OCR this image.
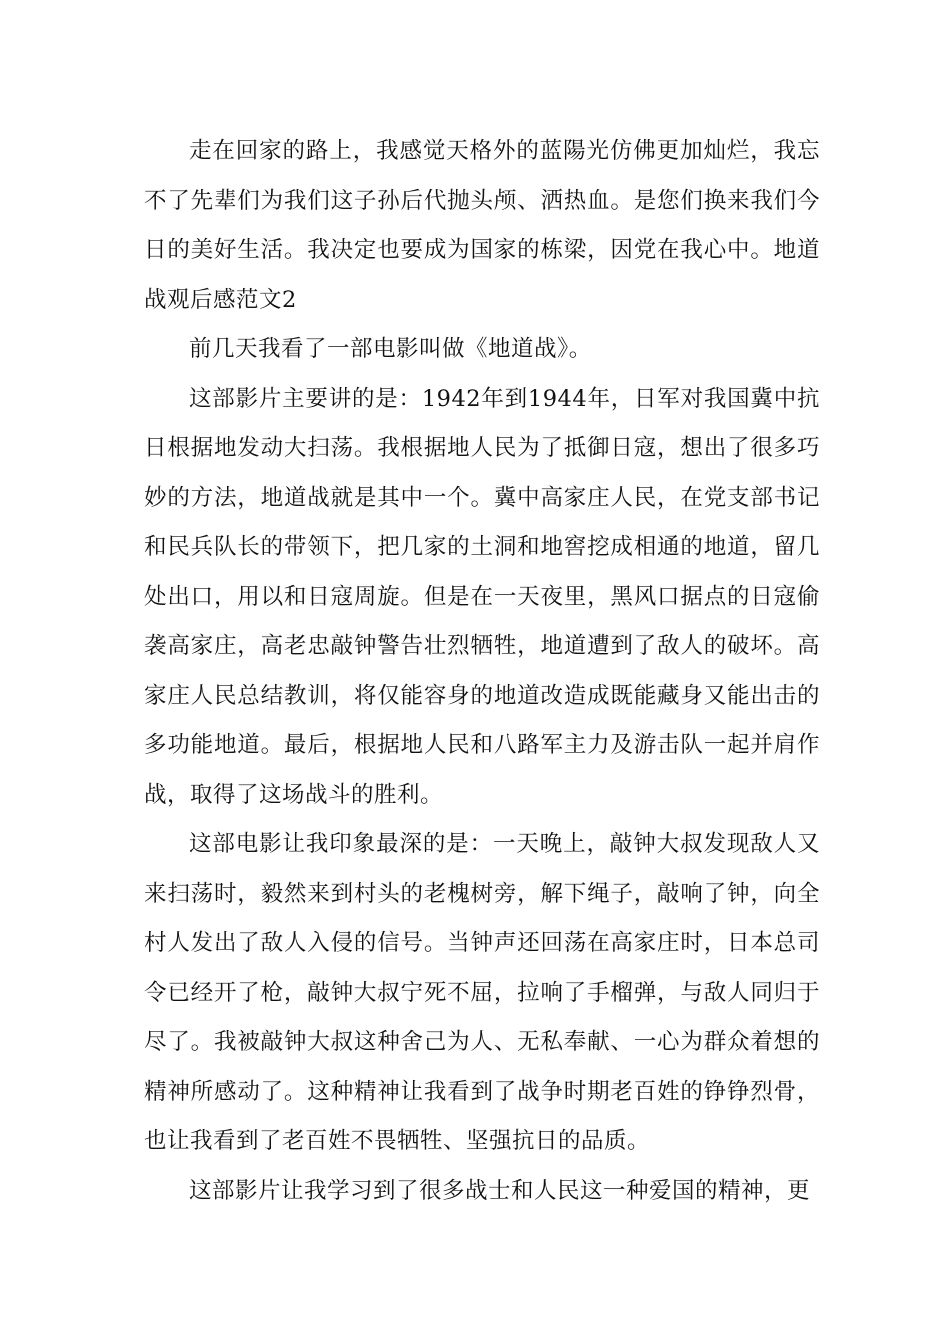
走在回家的路上，我感觉天格外的蓝陽光仿佛更加灿烂，我忘不了先辈们为我们这子孙后代抛头颅、洒热血。是您们换来我们今日的美好生活。我决定也要成为国家的栋梁，因党在我心中。地道战观后感范文2

前几天我看了一部电影叫做《地道战》。

这部影片主要讲的是：1942年到1944年，日军对我国冀中抗日根据地发动大扫荡。我根据地人民为了抵御日寇，想出了很多巧妙的方法，地道战就是其中一个。冀中高家庄人民，在党支部书记和民兵队长的带领下，把几家的土洞和地窖挖成相通的地道，留几处出口，用以和日寇周旋。但是在一天夜里，黑风口据点的日寇偷袭高家庄，高老忠敲钟警告壮烈牺牲，地道遭到了敌人的破坏。高家庄人民总结教训，将仅能容身的地道改造成既能藏身又能出击的多功能地道。最后，根据地人民和八路军主力及游击队一起并肩作战，取得了这场战斗的胜利。

这部电影让我印象最深的是：一天晚上，敲钟大叔发现敌人又来扫荡时，毅然来到村头的老槐树旁，解下绳子，敲响了钟，向全村人发出了敌人入侵的信号。当钟声还回荡在高家庄时，日本总司令已经开了枪，敲钟大叔宁死不屈，拉响了手榴弹，与敌人同归于尽了。我被敲钟大叔这种舍己为人、无私奉献、一心为群众着想的精神所感动了。这种精神让我看到了战争时期老百姓的铮铮烈骨，也让我看到了老百姓不畏牺牲、坚强抗日的品质。

这部影片让我学习到了很多战士和人民这一种爱国的精神，更
